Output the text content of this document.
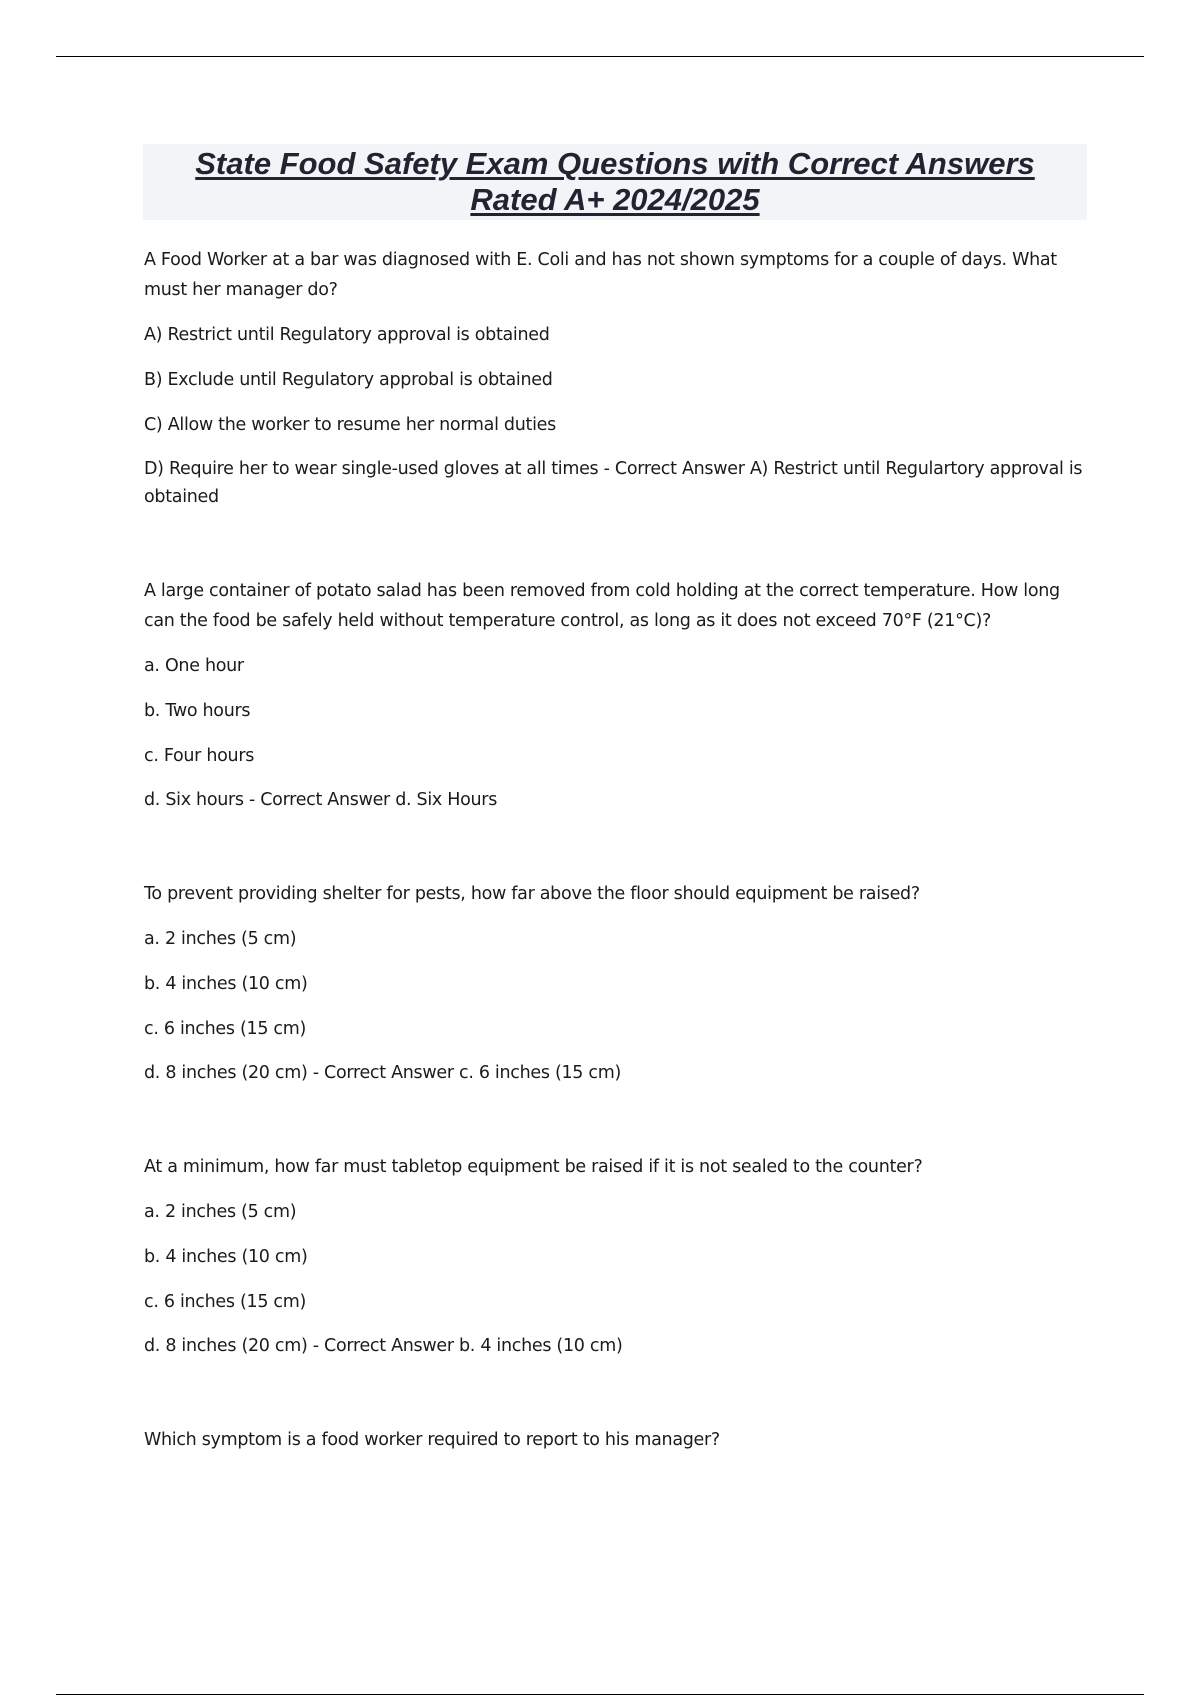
State Food Safety Exam Questions with Correct Answers
Rated A+ 2024/2025

A Food Worker at a bar was diagnosed with E. Coli and has not shown symptoms for a couple of days. What must her manager do?

A) Restrict until Regulatory approval is obtained

B) Exclude until Regulatory approbal is obtained

C) Allow the worker to resume her normal duties

D) Require her to wear single-used gloves at all times - Correct Answer A) Restrict until Regulartory approval is obtained

A large container of potato salad has been removed from cold holding at the correct temperature. How long can the food be safely held without temperature control, as long as it does not exceed 70°F (21°C)?

a. One hour

b. Two hours

c. Four hours

d. Six hours - Correct Answer d. Six Hours

To prevent providing shelter for pests, how far above the floor should equipment be raised?

a. 2 inches (5 cm)

b. 4 inches (10 cm)

c. 6 inches (15 cm)

d. 8 inches (20 cm) - Correct Answer c. 6 inches (15 cm)

At a minimum, how far must tabletop equipment be raised if it is not sealed to the counter?

a. 2 inches (5 cm)

b. 4 inches (10 cm)

c. 6 inches (15 cm)

d. 8 inches (20 cm) - Correct Answer b. 4 inches (10 cm)

Which symptom is a food worker required to report to his manager?
